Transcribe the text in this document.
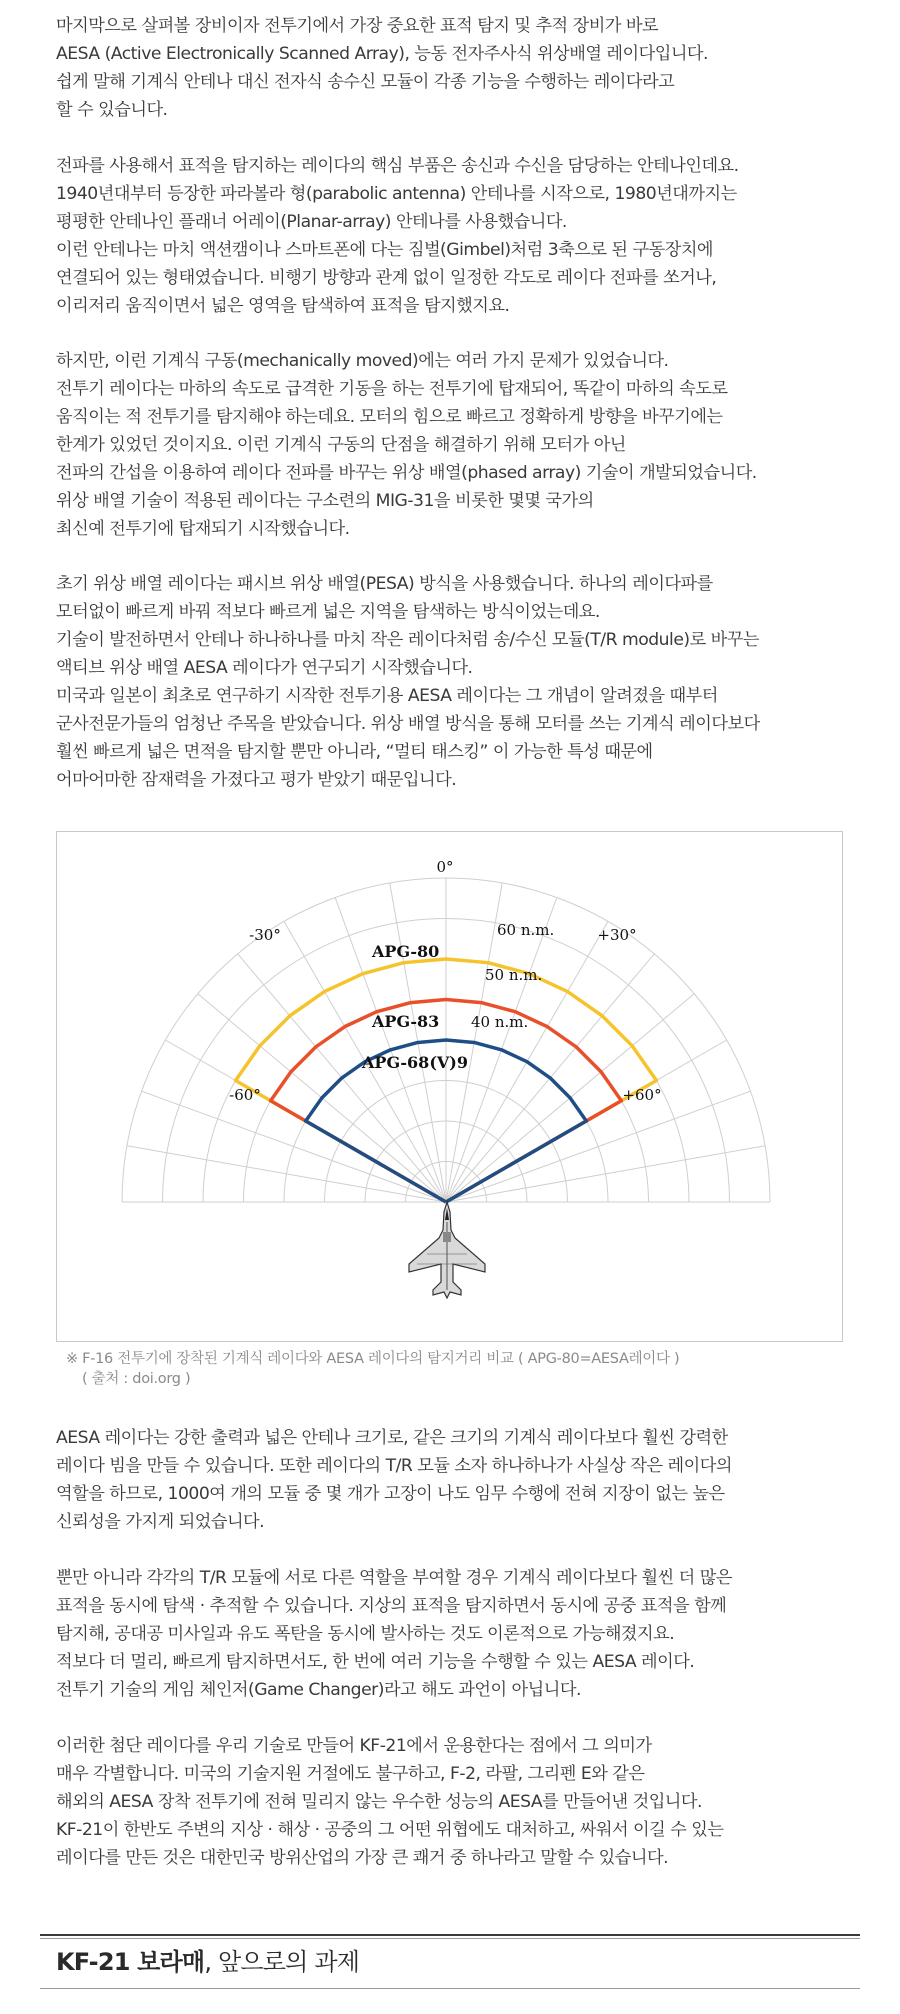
마지막으로 살펴볼 장비이자 전투기에서 가장 중요한 표적 탐지 및 추적 장비가 바로
AESA (Active Electronically Scanned Array), 능동 전자주사식 위상배열 레이다입니다.
쉽게 말해 기계식 안테나 대신 전자식 송수신 모듈이 각종 기능을 수행하는 레이다라고
할 수 있습니다.
전파를 사용해서 표적을 탐지하는 레이다의 핵심 부품은 송신과 수신을 담당하는 안테나인데요.
1940년대부터 등장한 파라볼라 형(parabolic antenna) 안테나를 시작으로, 1980년대까지는
평평한 안테나인 플래너 어레이(Planar-array) 안테나를 사용했습니다.
이런 안테나는 마치 액션캠이나 스마트폰에 다는 짐벌(Gimbel)처럼 3축으로 된 구동장치에
연결되어 있는 형태였습니다. 비행기 방향과 관계 없이 일정한 각도로 레이다 전파를 쏘거나,
이리저리 움직이면서 넓은 영역을 탐색하여 표적을 탐지했지요.
하지만, 이런 기계식 구동(mechanically moved)에는 여러 가지 문제가 있었습니다.
전투기 레이다는 마하의 속도로 급격한 기동을 하는 전투기에 탑재되어, 똑같이 마하의 속도로
움직이는 적 전투기를 탐지해야 하는데요. 모터의 힘으로 빠르고 정확하게 방향을 바꾸기에는
한계가 있었던 것이지요. 이런 기계식 구동의 단점을 해결하기 위해 모터가 아닌
전파의 간섭을 이용하여 레이다 전파를 바꾸는 위상 배열(phased array) 기술이 개발되었습니다.
위상 배열 기술이 적용된 레이다는 구소련의 MIG-31을 비롯한 몇몇 국가의
최신예 전투기에 탑재되기 시작했습니다.
초기 위상 배열 레이다는 패시브 위상 배열(PESA) 방식을 사용했습니다. 하나의 레이다파를
모터없이 빠르게 바꿔 적보다 빠르게 넓은 지역을 탐색하는 방식이었는데요.
기술이 발전하면서 안테나 하나하나를 마치 작은 레이다처럼 송/수신 모듈(T/R module)로 바꾸는
액티브 위상 배열 AESA 레이다가 연구되기 시작했습니다.
미국과 일본이 최초로 연구하기 시작한 전투기용 AESA 레이다는 그 개념이 알려졌을 때부터
군사전문가들의 엄청난 주목을 받았습니다. 위상 배열 방식을 통해 모터를 쓰는 기계식 레이다보다
훨씬 빠르게 넓은 면적을 탐지할 뿐만 아니라, “멀티 태스킹” 이 가능한 특성 때문에
어마어마한 잠재력을 가졌다고 평가 받았기 때문입니다.
0°
-30°	+30°
-60°	+60°
60 n.m.
50 n.m.
40 n.m.
APG-80
APG-83
APG-68(V)9
※ F-16 전투기에 장착된 기계식 레이다와 AESA 레이다의 탐지거리 비교 ( APG-80=AESA레이다 )
( 출처 : doi.org )
AESA 레이다는 강한 출력과 넓은 안테나 크기로, 같은 크기의 기계식 레이다보다 훨씬 강력한
레이다 빔을 만들 수 있습니다. 또한 레이다의 T/R 모듈 소자 하나하나가 사실상 작은 레이다의
역할을 하므로, 1000여 개의 모듈 중 몇 개가 고장이 나도 임무 수행에 전혀 지장이 없는 높은
신뢰성을 가지게 되었습니다.
뿐만 아니라 각각의 T/R 모듈에 서로 다른 역할을 부여할 경우 기계식 레이다보다 훨씬 더 많은
표적을 동시에 탐색 · 추적할 수 있습니다. 지상의 표적을 탐지하면서 동시에 공중 표적을 함께
탐지해, 공대공 미사일과 유도 폭탄을 동시에 발사하는 것도 이론적으로 가능해졌지요.
적보다 더 멀리, 빠르게 탐지하면서도, 한 번에 여러 기능을 수행할 수 있는 AESA 레이다.
전투기 기술의 게임 체인저(Game Changer)라고 해도 과언이 아닙니다.
이러한 첨단 레이다를 우리 기술로 만들어 KF-21에서 운용한다는 점에서 그 의미가
매우 각별합니다. 미국의 기술지원 거절에도 불구하고, F-2, 라팔, 그리펜 E와 같은
해외의 AESA 장착 전투기에 전혀 밀리지 않는 우수한 성능의 AESA를 만들어낸 것입니다.
KF-21이 한반도 주변의 지상 · 해상 · 공중의 그 어떤 위협에도 대처하고, 싸워서 이길 수 있는
레이다를 만든 것은 대한민국 방위산업의 가장 큰 쾌거 중 하나라고 말할 수 있습니다.
KF-21 보라매, 앞으로의 과제
